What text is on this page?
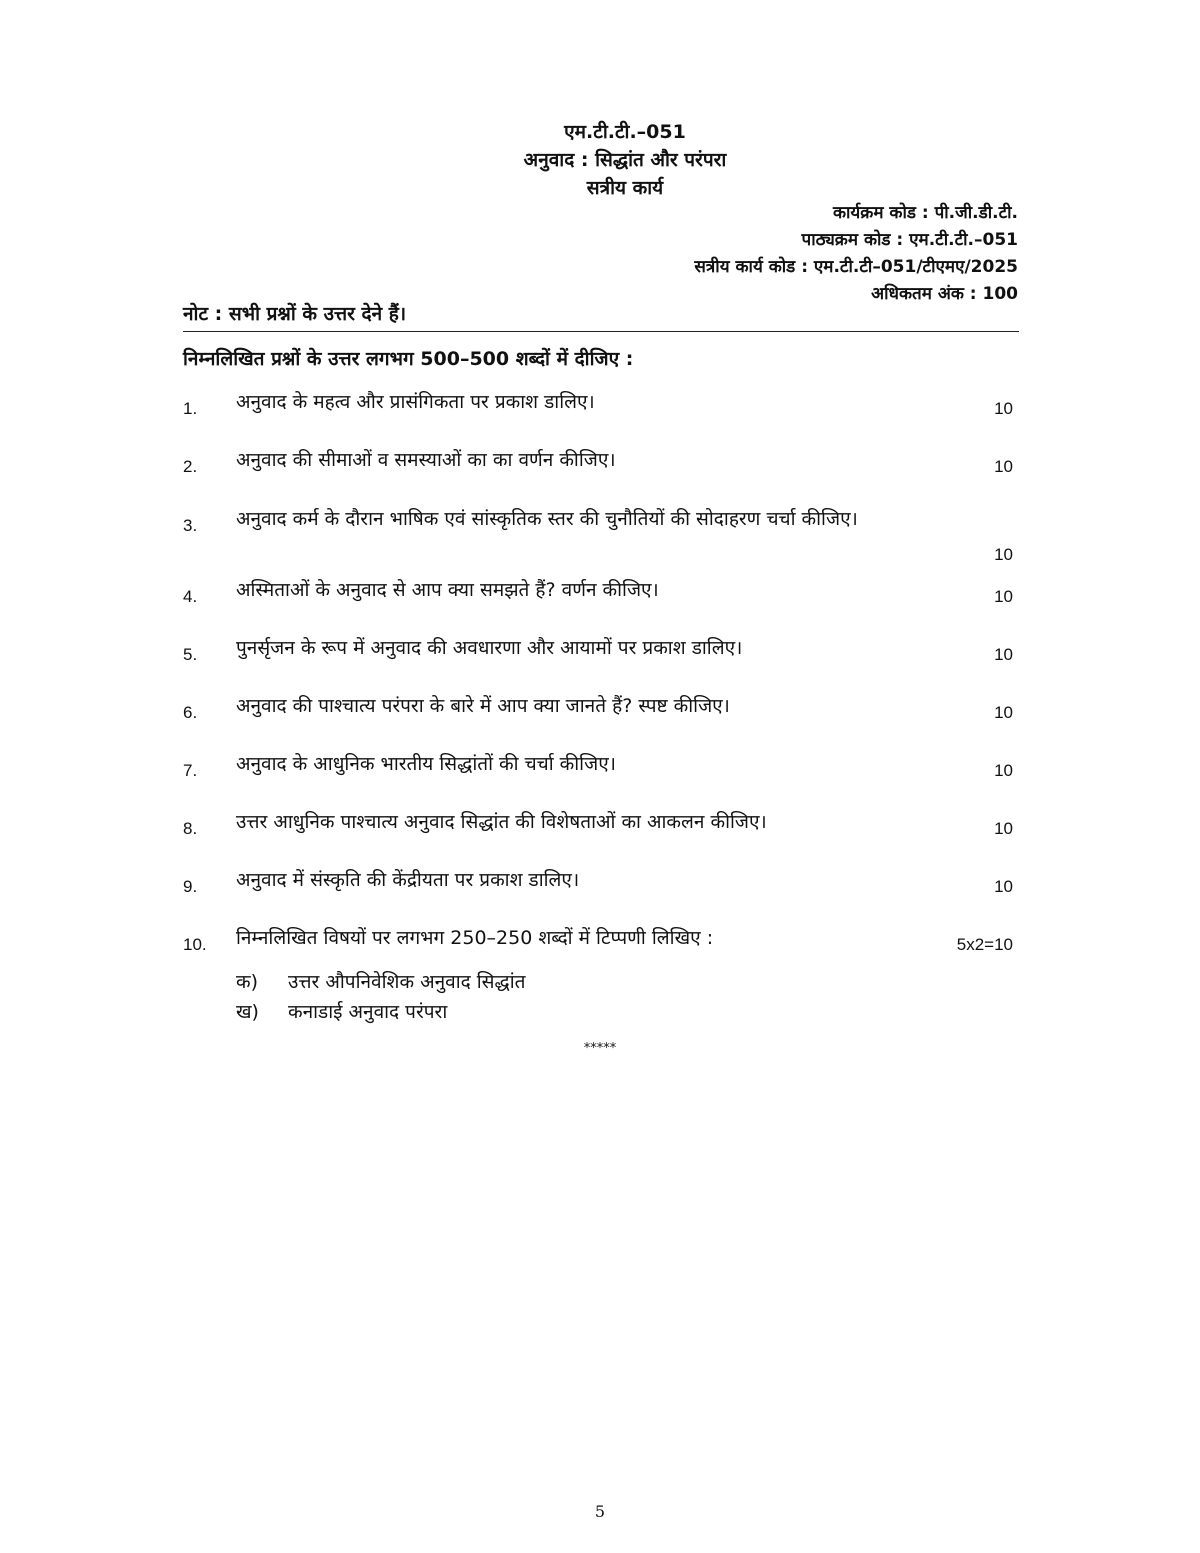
एम.टी.टी.–051
अनुवाद : सिद्धांत और परंपरा
सत्रीय कार्य
कार्यक्रम कोड : पी.जी.डी.टी.
पाठ्यक्रम कोड : एम.टी.टी.–051
सत्रीय कार्य कोड : एम.टी.टी–051/टीएमए/2025
अधिकतम अंक : 100
नोट : सभी प्रश्नों के उत्तर देने हैं।
निम्नलिखित प्रश्नों के उत्तर लगभग 500–500 शब्दों में दीजिए :
1. अनुवाद के महत्व और प्रासंगिकता पर प्रकाश डालिए।	10
2. अनुवाद की सीमाओं व समस्याओं का का वर्णन कीजिए।	10
3. अनुवाद कर्म के दौरान भाषिक एवं सांस्कृतिक स्तर की चुनौतियों की सोदाहरण चर्चा कीजिए।
10
4. अस्मिताओं के अनुवाद से आप क्या समझते हैं? वर्णन कीजिए।	10
5. पुनर्सृजन के रूप में अनुवाद की अवधारणा और आयामों पर प्रकाश डालिए।	10
6. अनुवाद की पाश्चात्य परंपरा के बारे में आप क्या जानते हैं? स्पष्ट कीजिए।	10
7. अनुवाद के आधुनिक भारतीय सिद्धांतों की चर्चा कीजिए।	10
8. उत्तर आधुनिक पाश्चात्य अनुवाद सिद्धांत की विशेषताओं का आकलन कीजिए।	10
9. अनुवाद में संस्कृति की केंद्रीयता पर प्रकाश डालिए।	10
10. निम्नलिखित विषयों पर लगभग 250–250 शब्दों में टिप्पणी लिखिए :	5x2=10
क) उत्तर औपनिवेशिक अनुवाद सिद्धांत
ख) कनाडाई अनुवाद परंपरा
*****
5
